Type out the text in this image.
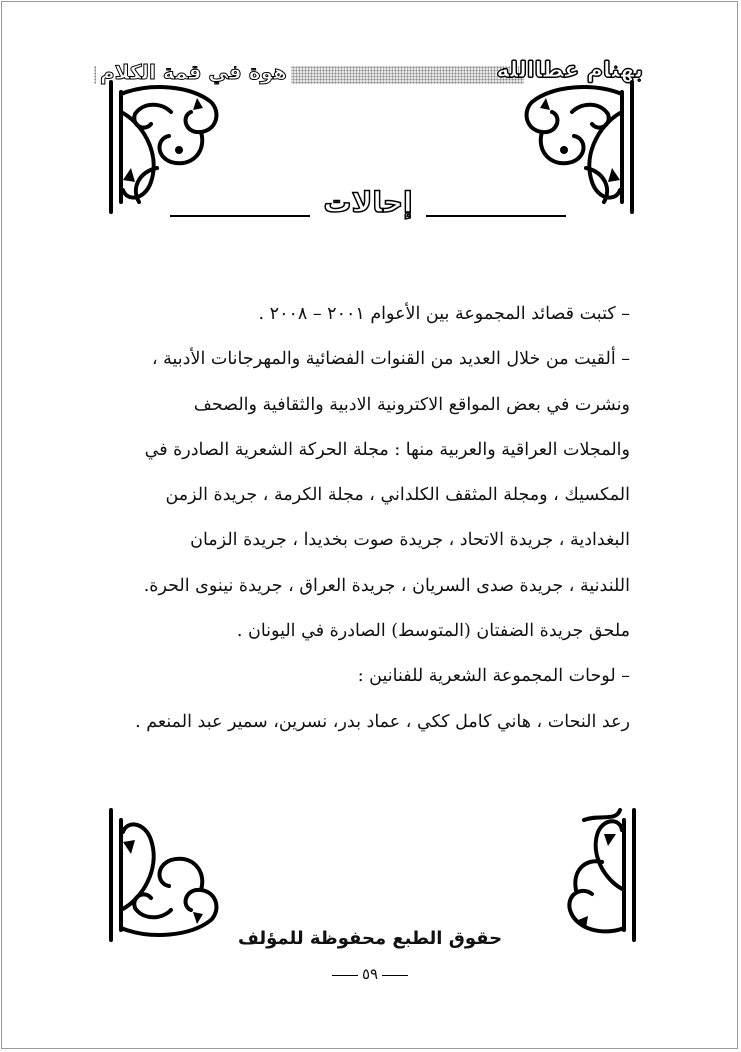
بهنام عطاالله
هوة في قمة الكلام
إحالات

– كتبت قصائد المجموعة بين الأعوام ٢٠٠١ – ٢٠٠٨ .

– ألقيت من خلال العديد من القنوات الفضائية والمهرجانات الأدبية ،

ونشرت في بعض المواقع الاكترونية الادبية والثقافية والصحف

والمجلات العراقية والعربية منها : مجلة الحركة الشعرية الصادرة في

المكسيك ، ومجلة المثقف الكلداني ، مجلة الكرمة ، جريدة الزمن

البغدادية ، جريدة الاتحاد ، جريدة صوت بخديدا ، جريدة الزمان

اللندنية ، جريدة صدى السريان ، جريدة العراق ، جريدة نينوى الحرة.

ملحق جريدة الضفتان (المتوسط) الصادرة في اليونان .

– لوحات المجموعة الشعرية للفنانين :

رعد النحات ، هاني كامل ككي ، عماد بدر، نسرين، سمير عبد المنعم .

حقوق الطبع محفوظة للمؤلف
٥٩
